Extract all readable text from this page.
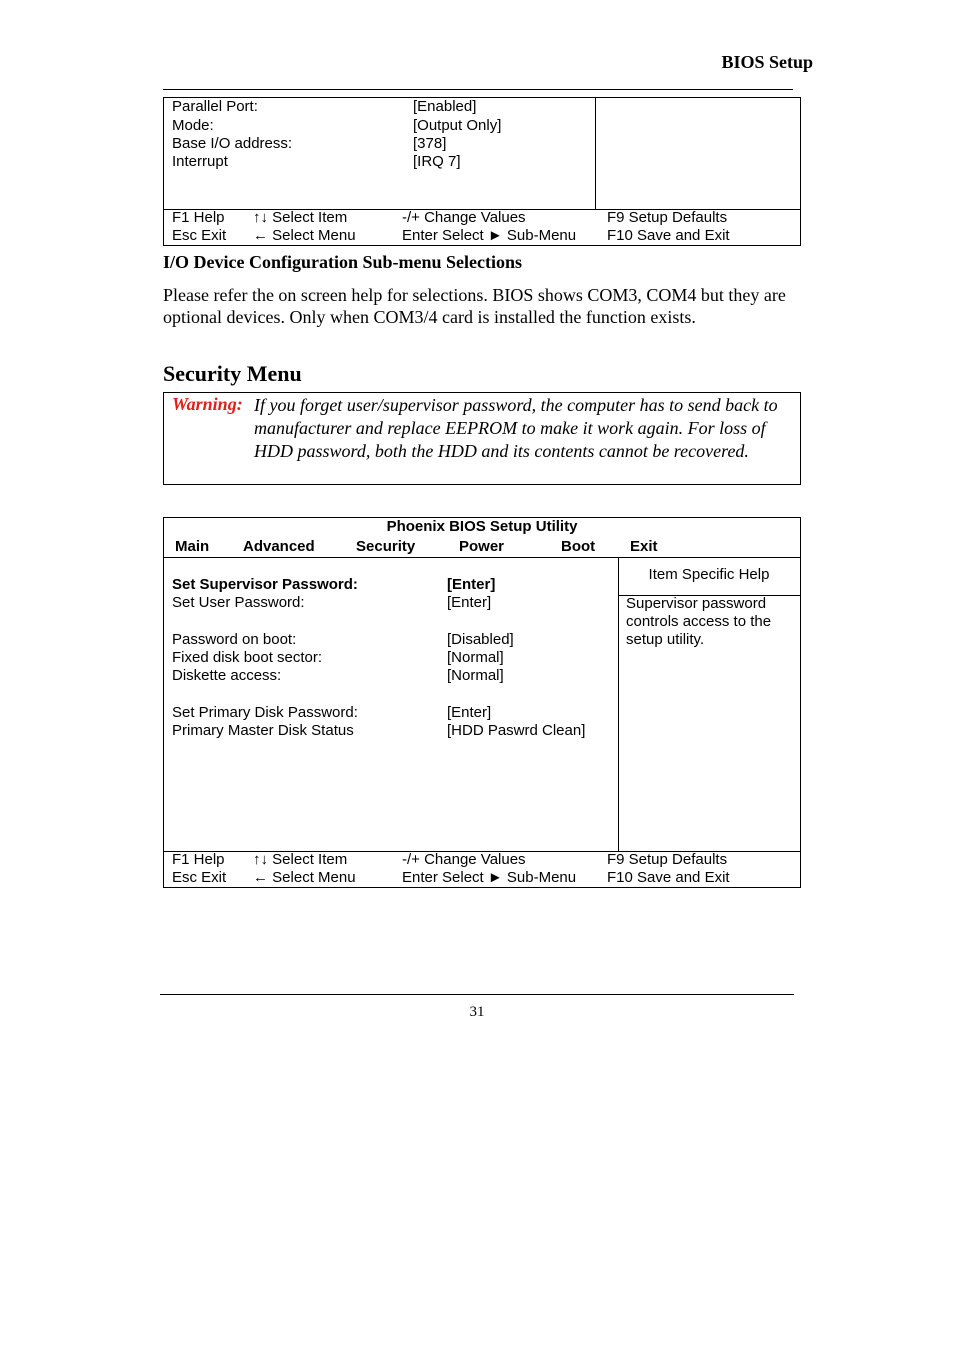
BIOS Setup
Parallel Port:	[Enabled]
Mode:	[Output Only]
Base I/O address:	[378]
Interrupt	[IRQ 7]
F1 Help ↑↓ Select Item	-/+ Change Values	F9 Setup Defaults
Esc Exit ← Select Menu	Enter Select ► Sub-Menu F10 Save and Exit
I/O Device Configuration Sub-menu Selections
Please refer the on screen help for selections. BIOS shows COM3, COM4 but they are optional devices. Only when COM3/4 card is installed the function exists.
Security Menu
Warning: If you forget user/supervisor password, the computer has to send back to manufacturer and replace EEPROM to make it work again. For loss of HDD password, both the HDD and its contents cannot be recovered.
Phoenix BIOS Setup Utility
Main Advanced	Security	Power	Boot Exit
Set Supervisor Password:	[Enter]
Set User Password:	[Enter]
Password on boot:	[Disabled]
Fixed disk boot sector:	[Normal]
Diskette access:	[Normal]
Set Primary Disk Password:	[Enter]
Primary Master Disk Status	[HDD Paswrd Clean]
Item Specific Help
Supervisor password
controls access to the
setup utility.
F1 Help ↑↓ Select Item	-/+ Change Values	F9 Setup Defaults
Esc Exit ← Select Menu	Enter Select ► Sub-Menu F10 Save and Exit
31
